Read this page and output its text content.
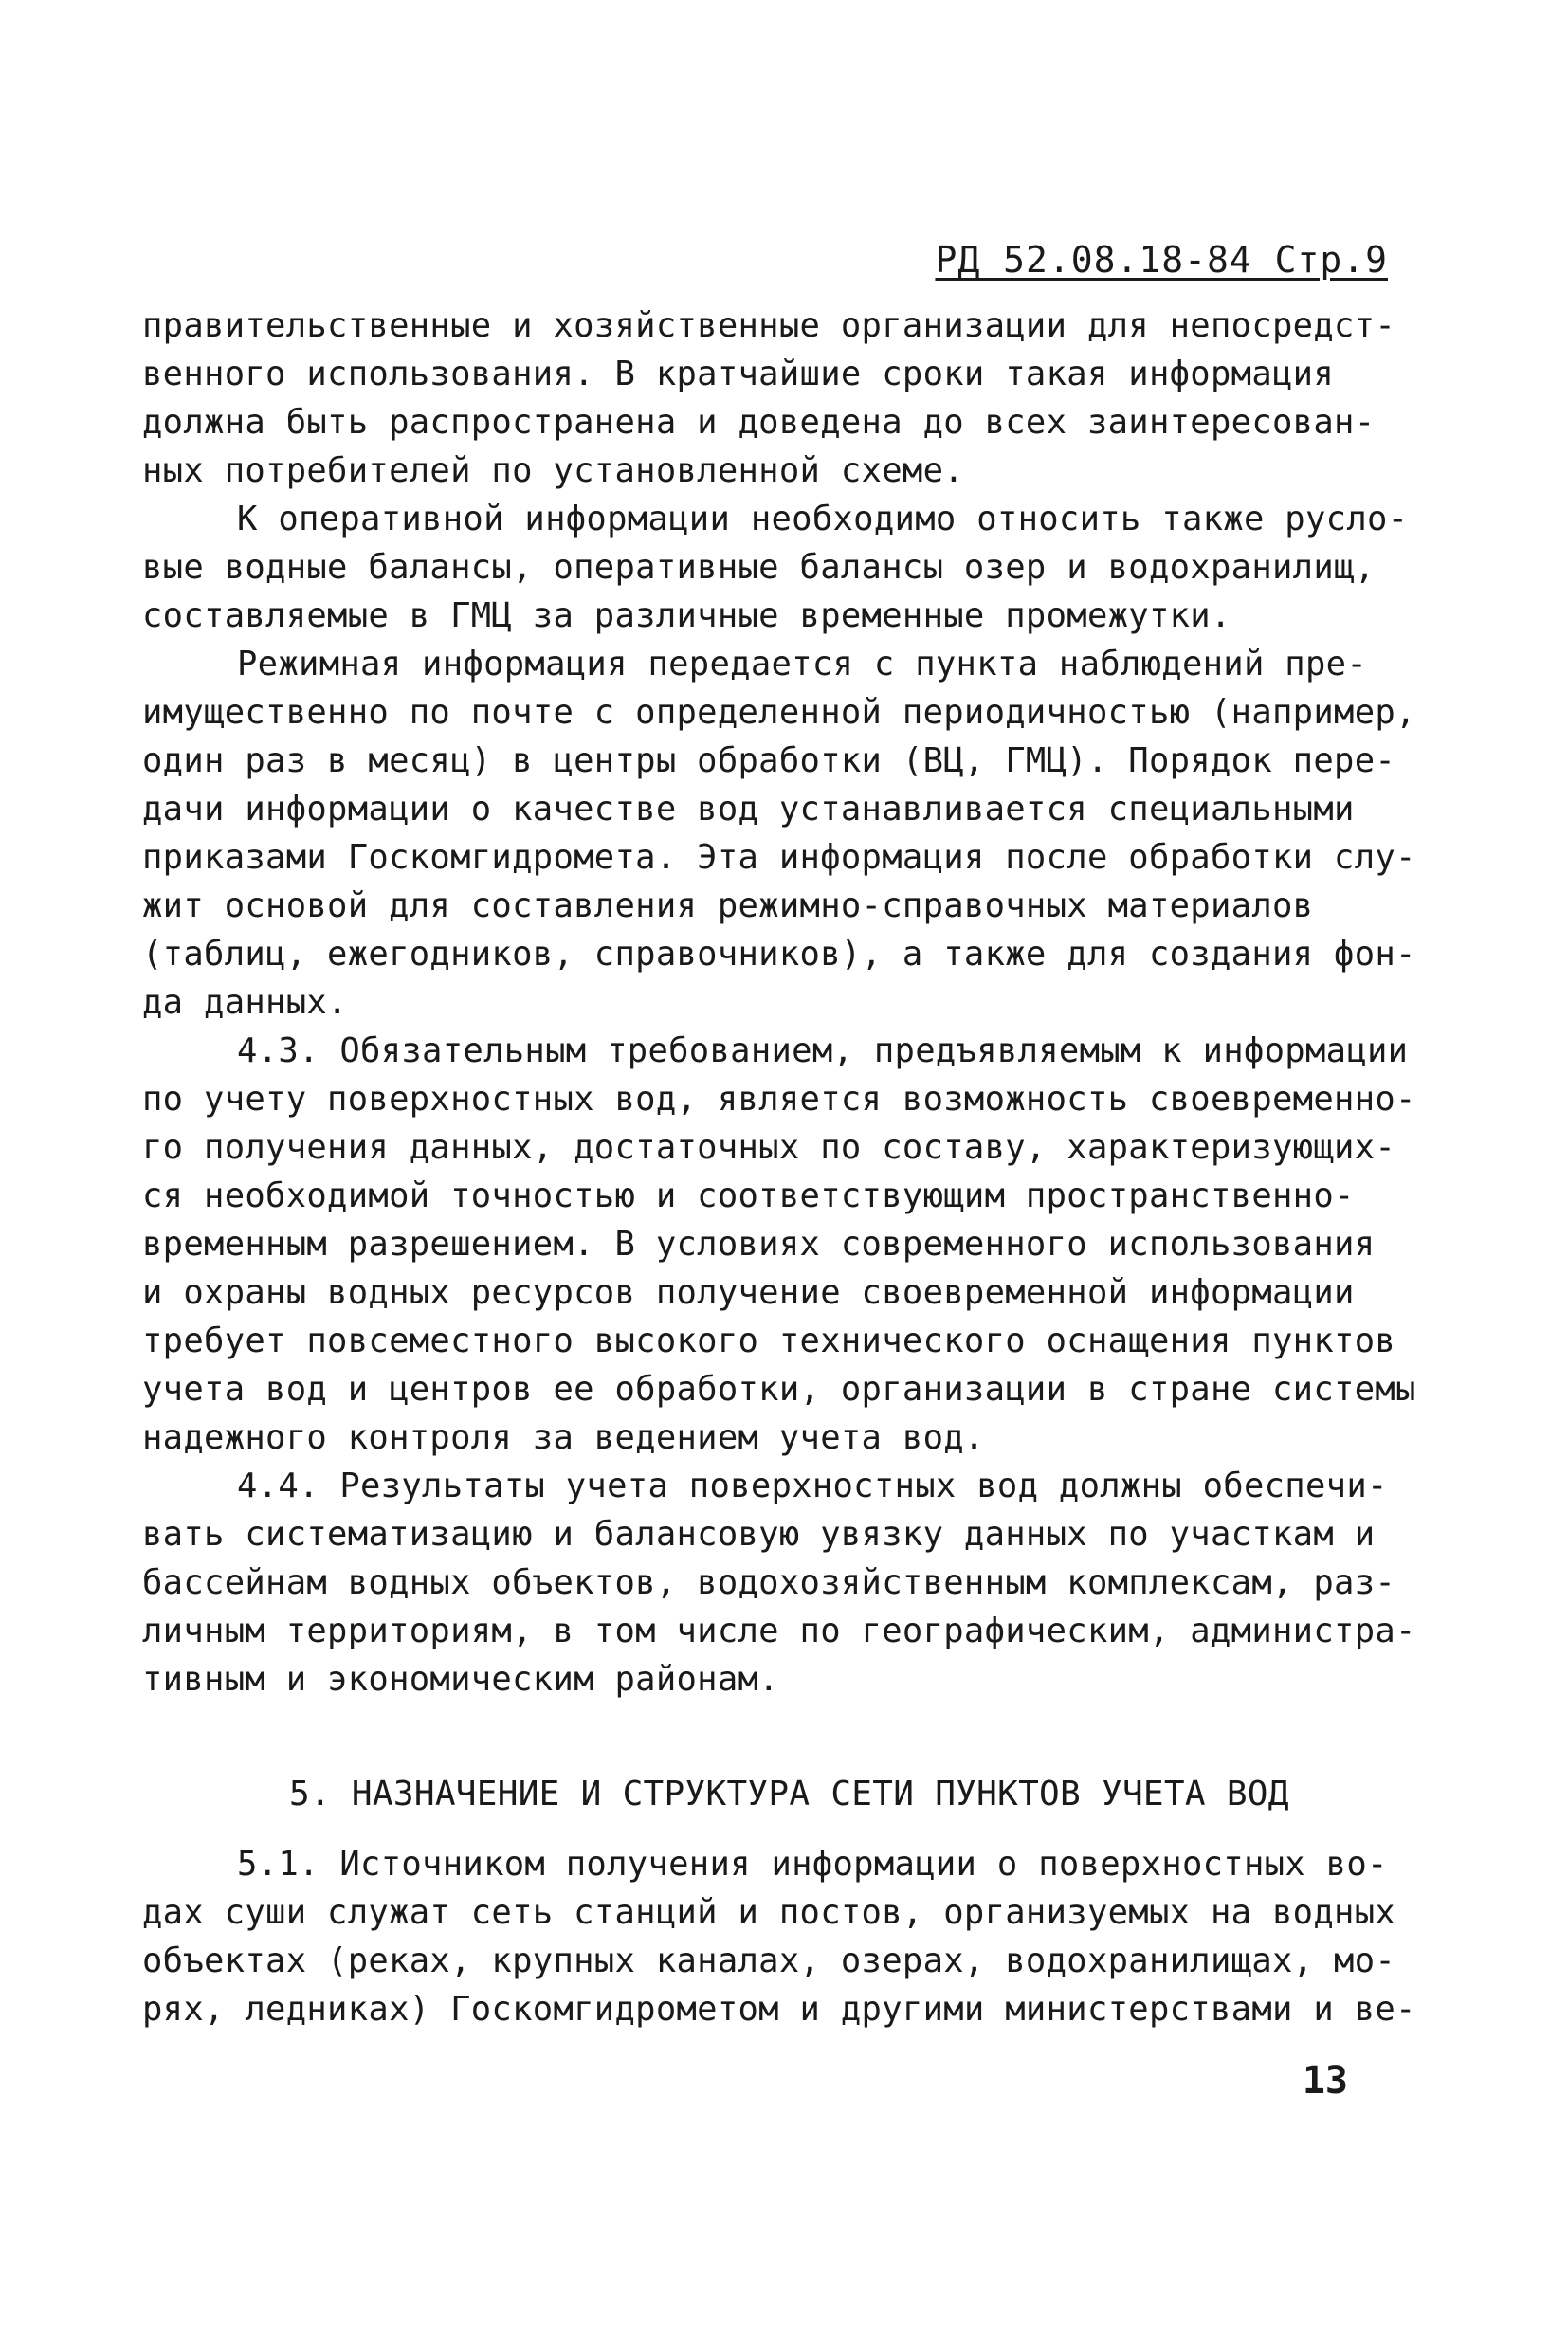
РД 52.08.18-84 Стр.9
правительственные и хозяйственные организации для непосредст-
венного использования. В кратчайшие сроки такая информация
должна быть распространена и доведена до всех заинтересован-
ных потребителей по установленной схеме.
К оперативной информации необходимо относить также русло-
вые водные балансы, оперативные балансы озер и водохранилищ,
составляемые в ГМЦ за различные временные промежутки.
Режимная информация передается с пункта наблюдений пре-
имущественно по почте с определенной периодичностью (например,
один раз в месяц) в центры обработки (ВЦ, ГМЦ). Порядок пере-
дачи информации о качестве вод устанавливается специальными
приказами Госкомгидромета. Эта информация после обработки слу-
жит основой для составления режимно-справочных материалов
(таблиц, ежегодников, справочников), а также для создания фон-
да данных.
4.3. Обязательным требованием, предъявляемым к информации
по учету поверхностных вод, является возможность своевременно-
го получения данных, достаточных по составу, характеризующих-
ся необходимой точностью и соответствующим пространственно-
временным разрешением. В условиях современного использования
и охраны водных ресурсов получение своевременной информации
требует повсеместного высокого технического оснащения пунктов
учета вод и центров ее обработки, организации в стране системы
надежного контроля за ведением учета вод.
4.4. Результаты учета поверхностных вод должны обеспечи-
вать систематизацию и балансовую увязку данных по участкам и
бассейнам водных объектов, водохозяйственным комплексам, раз-
личным территориям, в том числе по географическим, администра-
тивным и экономическим районам.
5. НАЗНАЧЕНИЕ И СТРУКТУРА СЕТИ ПУНКТОВ УЧЕТА ВОД
5.1. Источником получения информации о поверхностных во-
дах суши служат сеть станций и постов, организуемых на водных
объектах (реках, крупных каналах, озерах, водохранилищах, мо-
рях, ледниках) Госкомгидрометом и другими министерствами и ве-
13
